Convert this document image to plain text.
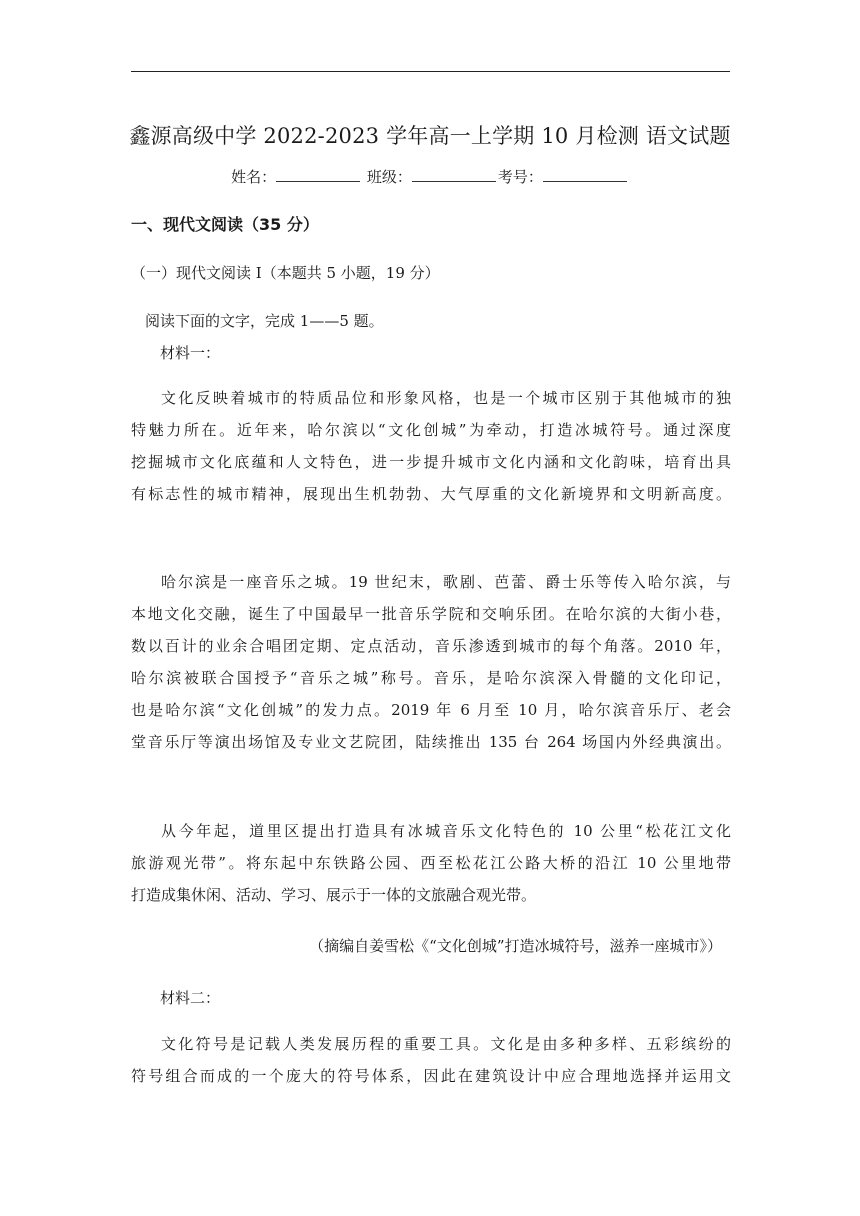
鑫源高级中学 2022-2023 学年高一上学期 10 月检测 语文试题
姓名：	班级：	考号：
一、现代文阅读（35 分）
（一）现代文阅读 I（本题共 5 小题，19 分）
阅读下面的文字，完成 1——5 题。
材料一：
文化反映着城市的特质品位和形象风格，也是一个城市区别于其他城市的独
特魅力所在。近年来，哈尔滨以“文化创城”为牵动，打造冰城符号。通过深度
挖掘城市文化底蕴和人文特色，进一步提升城市文化内涵和文化韵味，培育出具
有标志性的城市精神，展现出生机勃勃、大气厚重的文化新境界和文明新高度。
哈尔滨是一座音乐之城。19 世纪末，歌剧、芭蕾、爵士乐等传入哈尔滨，与
本地文化交融，诞生了中国最早一批音乐学院和交响乐团。在哈尔滨的大街小巷，
数以百计的业余合唱团定期、定点活动，音乐渗透到城市的每个角落。2010 年，
哈尔滨被联合国授予“音乐之城”称号。音乐，是哈尔滨深入骨髓的文化印记，
也是哈尔滨“文化创城”的发力点。2019 年 6 月至 10 月，哈尔滨音乐厅、老会
堂音乐厅等演出场馆及专业文艺院团，陆续推出 135 台 264 场国内外经典演出。
从今年起，道里区提出打造具有冰城音乐文化特色的 10 公里“松花江文化
旅游观光带”。将东起中东铁路公园、西至松花江公路大桥的沿江 10 公里地带
打造成集休闲、活动、学习、展示于一体的文旅融合观光带。
（摘编自姜雪松《“文化创城”打造冰城符号，滋养一座城市》）
材料二：
文化符号是记载人类发展历程的重要工具。文化是由多种多样、五彩缤纷的
符号组合而成的一个庞大的符号体系，因此在建筑设计中应合理地选择并运用文
